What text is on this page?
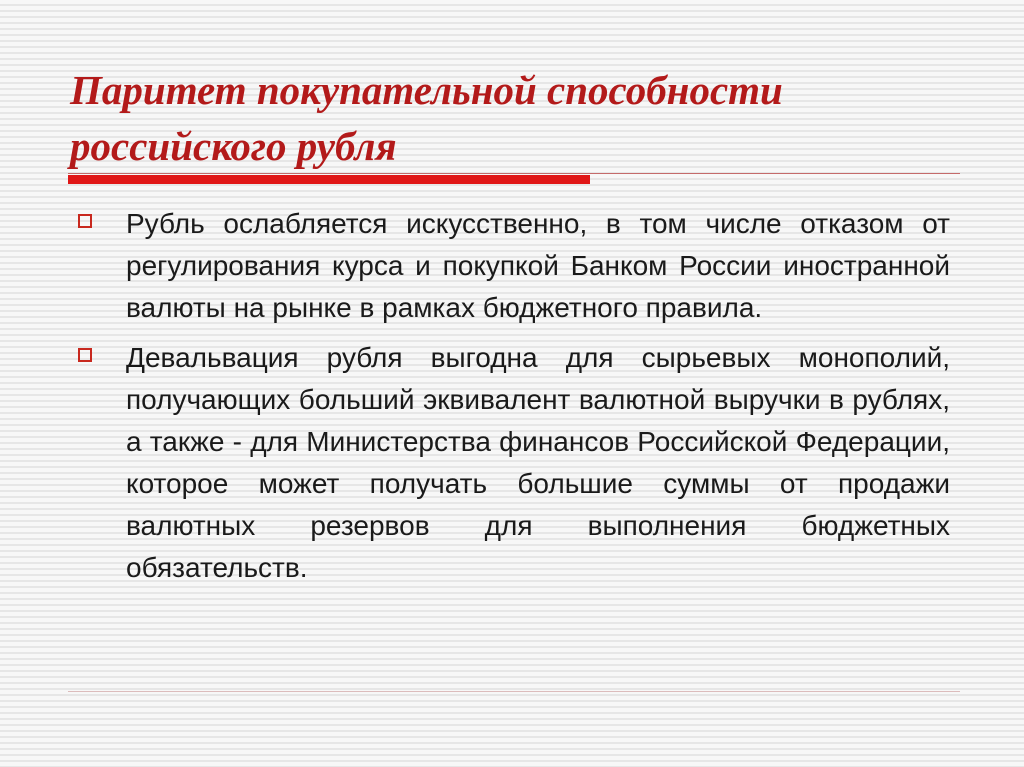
Паритет покупательной способности российского рубля
Рубль ослабляется искусственно, в том числе отказом от регулирования курса и покупкой Банком России иностранной валюты на рынке в рамках бюджетного правила.
Девальвация рубля выгодна для сырьевых монополий, получающих больший эквивалент валютной выручки в рублях, а также - для Министерства финансов Российской Федерации, которое может получать большие суммы от продажи валютных резервов для выполнения бюджетных обязательств.
